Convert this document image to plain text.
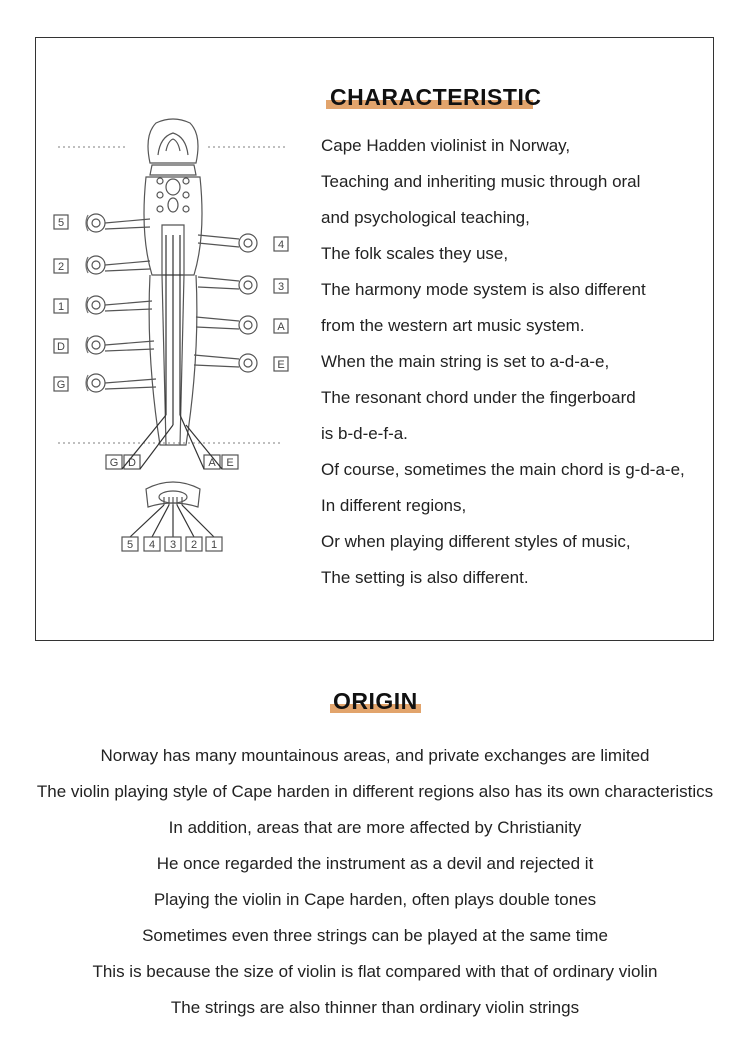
5
2
1
D
G
4
3
A
E
G D	A E
5 4 3 2 1
CHARACTERISTIC
Cape Hadden violinist in Norway,
Teaching and inheriting music through oral
and psychological teaching,
The folk scales they use,
The harmony mode system is also different
from the western art music system.
When the main string is set to a-d-a-e,
The resonant chord under the fingerboard
is b-d-e-f-a.
Of course, sometimes the main chord is g-d-a-e,
In different regions,
Or when playing different styles of music,
The setting is also different.
ORIGIN
Norway has many mountainous areas, and private exchanges are limited
The violin playing style of Cape harden in different regions also has its own characteristics
In addition, areas that are more affected by Christianity
He once regarded the instrument as a devil and rejected it
Playing the violin in Cape harden, often plays double tones
Sometimes even three strings can be played at the same time
This is because the size of violin is flat compared with that of ordinary violin
The strings are also thinner than ordinary violin strings
